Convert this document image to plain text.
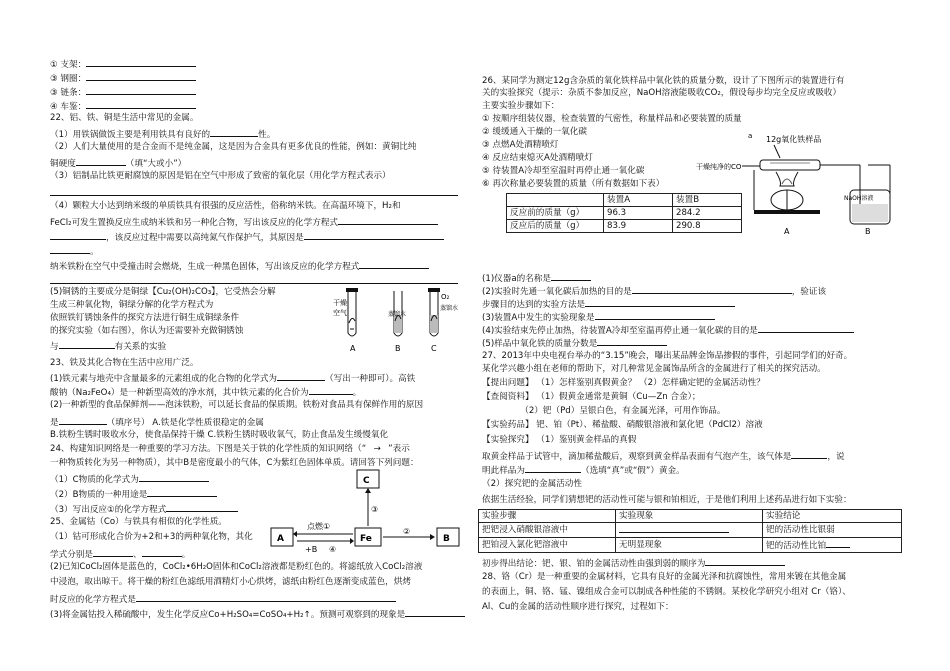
① 支架：
③ 钢圈：
③ 链条：
④ 车鉴：
22、铝、铁、铜是生活中常见的金属。
（1）用铁锅做饭主要是利用铁具有良好的	性。
（2）人们大量使用的是合金而不是纯金属，这是因为合金具有更多优良的性能，例如：黄铜比纯
铜硬度	（填“大或小”）
（3）铝制品比铁更耐腐蚀的原因是铝在空气中形成了致密的氧化层（用化学方程式表示）
（4）颗粒大小达到纳米级的单质铁具有很强的反应活性，俗称纳米铁。在高温环境下，H₂和
FeCl₂可发生置换反应生成纳米铁和另一种化合物，写出该反应的化学方程式
，该反应过程中需要以高纯氮气作保护气，其原因是
。
纳米铁粉在空气中受撞击时会燃烧，生成一种黑色固体，写出该反应的化学方程式
(5)铜锈的主要成分是铜绿【Cu₂(OH)₂CO₃】，它受热会分解
生成三种氧化物，铜绿分解的化学方程式为
依照铁钉锈蚀条件的探究方法进行铜生成铜绿条件
的探究实验（如右图），你认为还需要补充做铜锈蚀
与	有关系的实验
干燥
空气	蒸馏水
O₂
蒸馏水
A	B	C
23、铁及其化合物在生活中应用广泛。
(1)铁元素与地壳中含量最多的元素组成的化合物的化学式为	（写出一种即可）。高铁
酸钠（Na₂FeO₄）是一种新型高效的净水剂，其中铁元素的化合价为	。
(2)一种新型的食品保鲜剂——泡沫铁粉，可以延长食品的保质期。铁粉对食品具有保鲜作用的原因
是	（填序号） A.铁是化学性质很稳定的金属
B.铁粉生锈时吸收水分，使食品保持干燥 C.铁粉生锈时吸收氧气，防止食品发生缓慢氧化
24、构建知识网络是一种重要的学习方法。下图是关于铁的化学性质的知识网络（“ → ”表示
一种物质转化为另一种物质），其中B是密度最小的气体，C为紫红色固体单质。请回答下列问题：
（1）C物质的化学式为
（2）B物质的一种用途是
（3）写出反应①的化学方程式
25、金属钴（Co）与铁具有相似的化学性质。
（1）钴可形成化合价为+2和+3的两种氧化物，其化
学式分别是	、	。
(2)已知CoCl₂固体是蓝色的，CoCl₂•6H₂O固体和CoCl₂溶液都是粉红色的。将滤纸放入CoCl₂溶液
中浸泡，取出晾干。将干燥的粉红色滤纸用酒精灯小心烘烤，滤纸由粉红色逐渐变成蓝色，烘烤
时反应的化学方程式是
(3)将金属钴投入稀硫酸中，发生化学反应Co+H₂SO₄=CoSO₄+H₂↑。预测可观察到的现象是
C
A	Fe	B
点燃①
+B ④
②
③
26、某同学为测定12g含杂质的氧化铁样品中氧化铁的质量分数，设计了下图所示的装置进行有
关的实验探究（提示：杂质不参加反应，NaOH溶液能吸收CO₂，假设每步均完全反应或吸收）
主要实验步骤如下：
① 按顺序组装仪器，检查装置的气密性，称量样品和必要装置的质量
② 缓缓通入干燥的一氧化碳
③ 点燃A处酒精喷灯
④ 反应结束熄灭A处酒精喷灯
⑤ 待装置A冷却至室温时再停止通一氧化碳
⑥ 再次称量必要装置的质量（所有数据如下表）
	装置A	装置B
反应前的质量（g）	96.3	284.2
反应后的质量（g）	83.9	290.8
12g氧化铁样品
a
干燥纯净的CO
NaOH溶液
A	B
(1)仪器a的名称是
(2)实验时先通一氧化碳后加热的目的是	，验证该
步骤目的达到的实验方法是
(3)装置A中发生的实验现象是
(4)实验结束先停止加热，待装置A冷却至室温再停止通一氧化碳的目的是
(5)样品中氧化铁的质量分数是
27、2013年中央电视台举办的“3.15”晚会，曝出某品牌金饰品掺假的事件，引起同学们的好奇。
某化学兴趣小组在老师的帮助下，对几种常见金属饰品所含的金属进行了相关的探究活动。
【提出问题】 （1）怎样鉴别真假黄金？ （2）怎样确定钯的金属活动性？
【查阅资料】 （1）假黄金通常是黄铜（Cu—Zn 合金）；
（2）钯（Pd）呈银白色，有金属光泽，可用作饰品。
【实验药品】 钯、铂（Pt）、稀盐酸、硝酸银溶液和氯化钯（PdCl2）溶液
【实验探究】 （1）鉴别黄金样品的真假
取黄金样品于试管中，滴加稀盐酸后，观察到黄金样品表面有气泡产生，该气体是	，说
明此样品为	（选填“真”或“假”）黄金。
（2）探究钯的金属活动性
依据生活经验，同学们猜想钯的活动性可能与银和铂相近，于是他们利用上述药品进行如下实验：
实验步骤	实验现象	实验结论
把钯浸入硝酸银溶液中		钯的活动性比银弱
把铂浸入氯化钯溶液中	无明显现象	钯的活动性比铂
初步得出结论：钯、银、铂的金属活动性由强到弱的顺序为
28、铬（Cr）是一种重要的金属材料，它具有良好的金属光泽和抗腐蚀性，常用来镀在其他金属
的表面上，铜、铬、锰、镍组成合金可以制成各种性能的不锈钢。某校化学研究小组对 Cr（铬）、
Al、Cu的金属的活动性顺序进行探究，过程如下：
